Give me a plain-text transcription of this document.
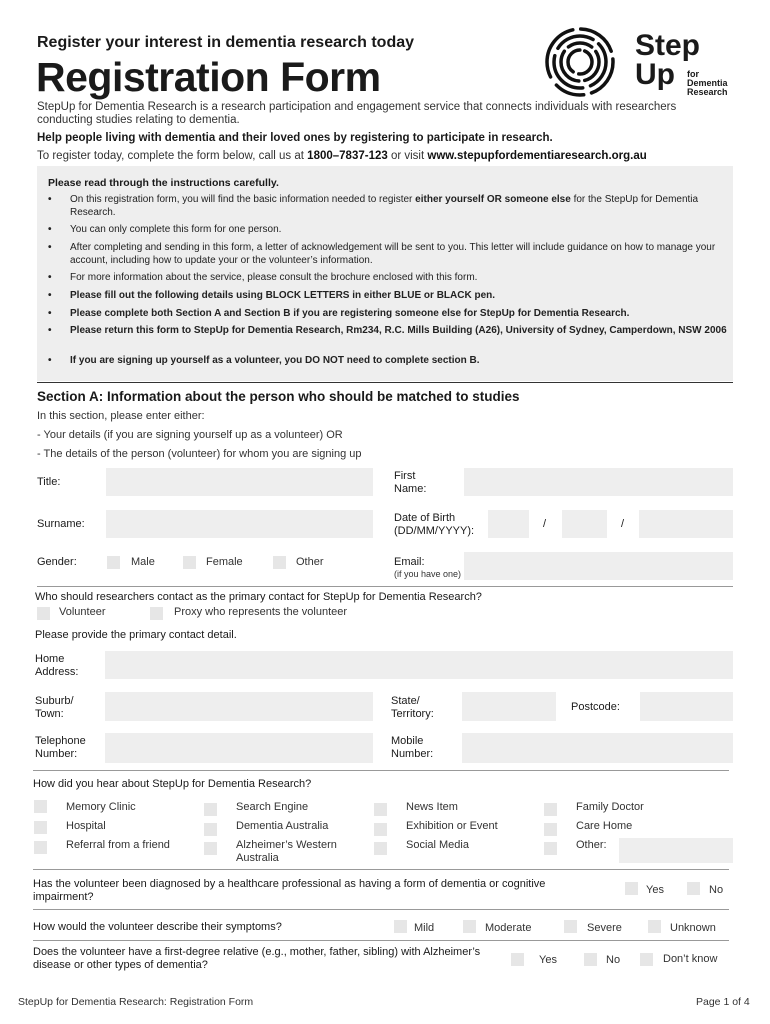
Register your interest in dementia research today
Registration Form
Step
Up for
Dementia
Research
StepUp for Dementia Research is a research participation and engagement service that connects individuals with researchers conducting studies relating to dementia.
Help people living with dementia and their loved ones by registering to participate in research.
To register today, complete the form below, call us at 1800–7837-123 or visit www.stepupfordementiaresearch.org.au
Please read through the instructions carefully.
• On this registration form, you will find the basic information needed to register either yourself OR someone else for the StepUp for Dementia Research.
• You can only complete this form for one person.
• After completing and sending in this form, a letter of acknowledgement will be sent to you. This letter will include guidance on how to manage your account, including how to update your or the volunteer’s information.
• For more information about the service, please consult the brochure enclosed with this form.
• Please fill out the following details using BLOCK LETTERS in either BLUE or BLACK pen.
• Please complete both Section A and Section B if you are registering someone else for StepUp for Dementia Research.
• Please return this form to StepUp for Dementia Research, Rm234, R.C. Mills Building (A26), University of Sydney, Camperdown, NSW 2006
• If you are signing up yourself as a volunteer, you DO NOT need to complete section B.
Section A: Information about the person who should be matched to studies
In this section, please enter either:
- Your details (if you are signing yourself up as a volunteer) OR
- The details of the person (volunteer) for whom you are signing up
Title:	First Name:
Surname:	Date of Birth (DD/MM/YYYY):
/	/
Gender:	Male	Female	Other	Email:
(if you have one)
Who should researchers contact as the primary contact for StepUp for Dementia Research?
Volunteer	Proxy who represents the volunteer
Please provide the primary contact detail.
Home Address:
Suburb/ Town:
State/ Territory:
Postcode:
Telephone Number:
Mobile Number:
How did you hear about StepUp for Dementia Research?
Memory Clinic
Hospital
Referral from a friend
Search Engine
Dementia Australia
Alzheimer’s Western Australia
News Item
Exhibition or Event
Social Media
Family Doctor
Care Home
Other:
Has the volunteer been diagnosed by a healthcare professional as having a form of dementia or cognitive impairment?
Yes	No
How would the volunteer describe their symptoms?	Mild	Moderate	Severe	Unknown
Does the volunteer have a first-degree relative (e.g., mother, father, sibling) with Alzheimer’s disease or other types of dementia?	Yes	No	Don’t know
StepUp for Dementia Research: Registration Form	Page 1 of 4
